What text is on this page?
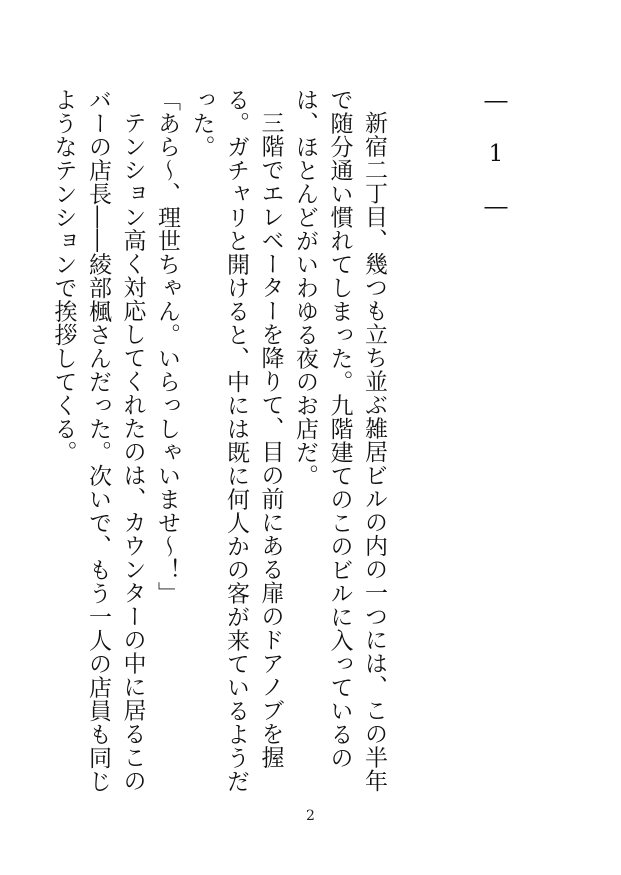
― 1 ―

新宿二丁目、幾つも立ち並ぶ雑居ビルの内の一つには、この半年で随分通い慣れてしまった。九階建てのこのビルに入っているのは、ほとんどがいわゆる夜のお店だ。

三階でエレベーターを降りて、目の前にある扉のドアノブを握る。ガチャリと開けると、中には既に何人かの客が来ているようだった。

「あら～、理世ちゃん。いらっしゃいませ～！」

テンション高く対応してくれたのは、カウンターの中に居るこのバーの店長――綾部楓さんだった。次いで、もう一人の店員も同じようなテンションで挨拶してくる。

2
